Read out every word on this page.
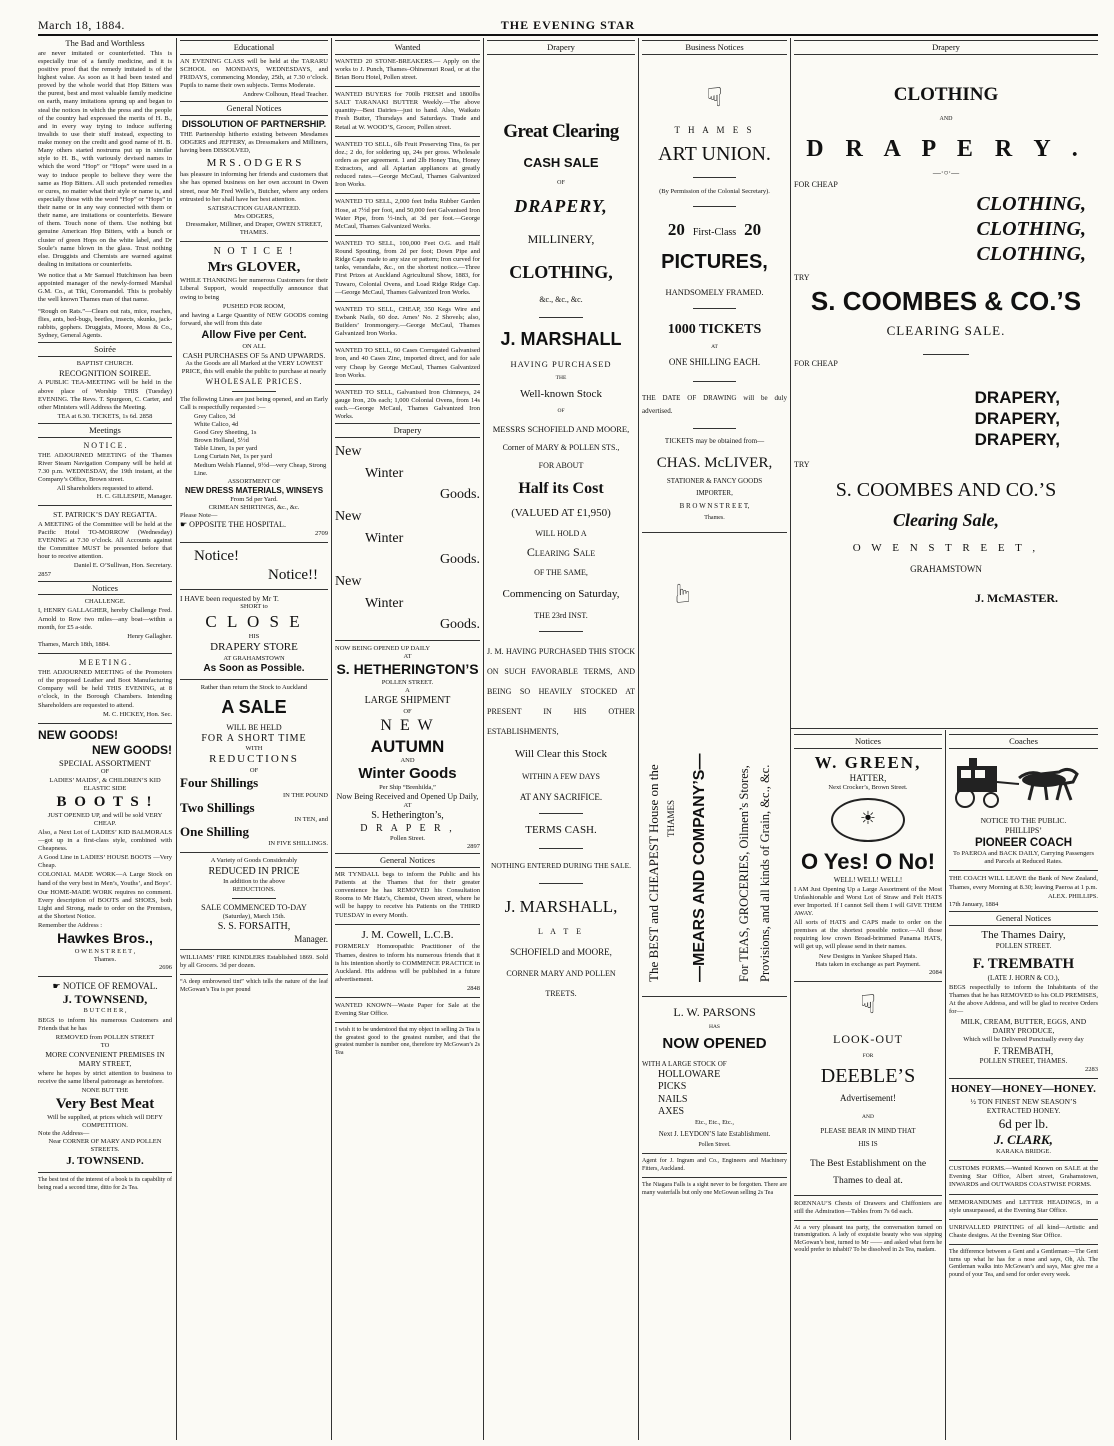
March 18, 1884.	THE EVENING STAR
The Bad and Worthless

are never imitated or counterfeited. This is especially true of a family medicine, and it is positive proof that the remedy imitated is of the highest value. As soon as it had been tested and proved by the whole world that Hop Bitters was the purest, best and most valuable family medicine on earth, many imitations sprung up and began to steal the notices in which the press and the people of the country had expressed the merits of H. B., and in every way trying to induce suffering invalids to use their stuff instead, expecting to make money on the credit and good name of H. B. Many others started nostrums put up in similar style to H. B., with variously devised names in which the word “Hop” or “Hops” were used in a way to induce people to believe they were the same as Hop Bitters. All such pretended remedies or cures, no matter what their style or name is, and especially those with the word “Hop” or “Hops” in their name or in any way connected with them or their name, are imitations or counterfeits. Beware of them. Touch none of them. Use nothing but genuine American Hop Bitters, with a bunch or cluster of green Hops on the white label, and Dr Soule’s name blown in the glass. Trust nothing else. Druggists and Chemists are warned against dealing in imitations or counterfeits.

We notice that a Mr Samuel Hutchinson has been appointed manager of the newly-formed Marshal G.M. Co., at Tiki, Coromandel. This is probably the well known Thames man of that name.

“Rough on Rats.”—Clears out rats, mice, roaches, flies, ants, bed-bugs, beetles, insects, skunks, jack-rabbits, gophers. Druggists, Moore, Moss & Co., Sydney, General Agents.

Soirée
BAPTIST CHURCH.
RECOGNITION SOIREE.

A PUBLIC TEA-MEETING will be held in the above place of Worship THIS (Tuesday) EVENING. The Revs. T. Spurgeon, C. Carter, and other Ministers will Address the Meeting.

TEA at 6.30. TICKETS, 1s 6d. 2858
Meetings
N O T I C E .

THE ADJOURNED MEETING of the Thames River Steam Navigation Company will be held at 7.30 p.m. WEDNESDAY, the 19th instant, at the Company’s Office, Brown street.

All Shareholders requested to attend.
H. C. GILLESPIE, Manager.
ST. PATRICK’S DAY REGATTA.

A MEETING of the Committee will be held at the Pacific Hotel TO-MORROW (Wednesday) EVENING at 7.30 o’clock. All Accounts against the Committee MUST be presented before that hour to receive attention.

Daniel E. O’Sullivan, Hon. Secretary.
2857
Notices
CHALLENGE.

I, HENRY GALLAGHER, hereby Challenge Fred. Arnold to Row two miles—any boat—within a month, for £5 a-side.

Henry Gallagher.
Thames, March 18th, 1884.
M E E T I N G .

THE ADJOURNED MEETING of the Promoters of the proposed Leather and Boot Manufacturing Company will be held THIS EVENING, at 8 o’clock, in the Borough Chambers. Intending Shareholders are requested to attend.

M. C. HICKEY, Hon. Sec.
NEW GOODS!
NEW GOODS!
SPECIAL ASSORTMENT
OF
LADIES’ MAIDS’, & CHILDREN’S KID ELASTIC SIDE
B O O T S !
JUST OPENED UP, and will be sold VERY CHEAP.

Also, a Next Lot of LADIES’ KID BALMORALS—got up in a first-class style, combined with Cheapness.

A Good Line in LADIES’ HOUSE BOOTS —Very Cheap.

COLONIAL MADE WORK—A Large Stock on hand of the very best in Men’s, Youths’, and Boys’.

Our HOME-MADE WORK requires no comment. Every description of BOOTS and SHOES, both Light and Strong, made to order on the Premises, at the Shortest Notice.

Remember the Address :
Hawkes Bros.,
O W E N S T R E E T ,
Thames.
2696
☛ NOTICE OF REMOVAL.
J. TOWNSEND,
B U T C H E R ,

BEGS to inform his numerous Customers and Friends that he has

REMOVED from POLLEN STREET
TO
MORE CONVENIENT PREMISES IN MARY STREET,

where he hopes by strict attention to business to receive the same liberal patronage as heretofore.

NONE BUT THE
Very Best Meat
Will be supplied, at prices which will DEFY COMPETITION.
Note the Address—
Near CORNER OF MARY AND POLLEN STREETS.
J. TOWNSEND.

The best test of the interest of a book is its capability of being read a second time, ditto for 2s Tea.

Educational

AN EVENING CLASS will be held at the TARARU SCHOOL on MONDAYS, WEDNESDAYS, and FRIDAYS, commencing Monday, 25th, at 7.30 o’clock. Pupils to name their own subjects. Terms Moderate.

Andrew Colhoun, Head Teacher.
General Notices
DISSOLUTION OF PARTNERSHIP.

THE Partnership hitherto existing between Mesdames ODGERS and JEFFERY, as Dressmakers and Milliners, having been DISSOLVED,

M R S . O D G E R S

has pleasure in informing her friends and customers that she has opened business on her own account in Owen street, near Mr Fred Welle’s, Butcher, where any orders entrusted to her shall have her best attention.

SATISFACTION GUARANTEED.
Mrs ODGERS,
Dressmaker, Milliner, and Draper, OWEN STREET, THAMES.
N O T I C E !
Mrs GLOVER,

WHILE THANKING her numerous Customers for their Liberal Support, would respectfully announce that owing to being

PUSHED FOR ROOM,

and having a Large Quantity of NEW GOODS coming forward, she will from this date

Allow Five per Cent.
ON ALL
CASH PURCHASES OF 5s AND UPWARDS.
As the Goods are all Marked at the VERY LOWEST PRICE, this will enable the public to purchase at nearly
WHOLESALE PRICES.

The following Lines are just being opened, and an Early Call is respectfully requested :—

Grey Calico, 3d
White Calico, 4d
Good Grey Sheeting, 1s
Brown Holland, 5½d
Table Linen, 1s per yard
Long Curtain Net, 1s per yard
Medium Welsh Flannel, 9½d—very Cheap, Strong Line.
ASSORTMENT OF
NEW DRESS MATERIALS, WINSEYS
From 5d per Yard.
CRIMEAN SHIRTINGS, &c., &c.
Please Note—
☛ OPPOSITE THE HOSPITAL.
2709
Notice!
Notice!!
I HAVE been requested by Mr T.
SHORT to
C L O S E
HIS
DRAPERY STORE
AT GRAHAMSTOWN
As Soon as Possible.
Rather than return the Stock to Auckland
A SALE
WILL BE HELD
FOR A SHORT TIME
WITH
REDUCTIONS
OF
Four Shillings
IN THE POUND
Two Shillings
IN TEN, and
One Shilling
IN FIVE SHILLINGS.
A Variety of Goods Considerably
REDUCED IN PRICE
In addition to the above
REDUCTIONS.
SALE COMMENCED TO-DAY
(Saturday), March 15th.
S. S. FORSAITH,
Manager.

WILLIAMS’ FIRE KINDLERS Established 1869. Sold by all Grocers. 3d per dozen.

“A deep embrowned tint” which tells the nature of the leaf McGowan’s Tea is per pound

Wanted

WANTED 20 STONE-BREAKERS.— Apply on the works to J. Punch, Thames–Ohinemuri Road, or at the Brian Boru Hotel, Pollen street.

WANTED BUYERS for 700lb FRESH and 1800lbs SALT TARANAKI BUTTER Weekly.—The above quantity—Best Dairies—just to hand. Also, Waikato Fresh Butter, Thursdays and Saturdays. Trade and Retail at W. WOOD’S, Grocer, Pollen street.

WANTED TO SELL, 6lb Fruit Preserving Tins, 6s per doz.; 2 do, for soldering up, 24s per gross. Wholesale orders as per agreement. 1 and 2lb Honey Tins, Honey Extractors, and all Apiarian appliances at greatly reduced rates.—George McCaul, Thames Galvanized Iron Works.

WANTED TO SELL, 2,000 feet India Rubber Garden Hose, at 7½d per foot, and 50,000 feet Galvanised Iron Water Pipe, from ½-inch, at 3d per foot.—George McCaul, Thames Galvanized Works.

WANTED TO SELL, 100,000 Feet O.G. and Half Round Spouting, from 2d per foot; Down Pipe and Ridge Caps made to any size or pattern; Iron curved for tanks, verandahs, &c., on the shortest notice.—Three First Prizes at Auckland Agricultural Show, 1883, for Tuwaro, Colonial Ovens, and Load Ridge Ridge Cap.—George McCaul, Thames Galvanized Iron Works.

WANTED TO SELL, CHEAP, 350 Kegs Wire and Ewbank Nails, 60 doz. Ames’ No. 2 Shovels; also, Builders’ Ironmongery.—George McCaul, Thames Galvanized Iron Works.

WANTED TO SELL, 60 Cases Corrugated Galvanised Iron, and 40 Cases Zinc, imported direct, and for sale very Cheap by George McCaul, Thames Galvanized Iron Works.

WANTED TO SELL, Galvanised Iron Chimneys, 24 gauge Iron, 20s each; 1,000 Colonial Ovens, from 14s each.—George McCaul, Thames Galvanized Iron Works.

Drapery
New
Winter
Goods.
New
Winter
Goods.
New
Winter
Goods.
NOW BEING OPENED UP DAILY
AT
S. HETHERINGTON’S
POLLEN STREET.
A
LARGE SHIPMENT
OF
N E W
AUTUMN
AND
Winter Goods
Per Ship “Brenhilda,”
Now Being Received and Opened Up Daily,
AT
S. Hetherington’s,
D R A P E R ,
Pollen Street.
2897
General Notices

MR TYNDALL begs to inform the Public and his Patients at the Thames that for their greater convenience he has REMOVED his Consultation Rooms to Mr Hatz’s, Chemist, Owen street, where he will be happy to receive his Patients on the THIRD TUESDAY in every Month.

J. M. Cowell, L.C.B.

FORMERLY Homœopathic Practitioner of the Thames, desires to inform his numerous friends that it is his intention shortly to COMMENCE PRACTICE in Auckland. His address will be published in a future advertisement.

2848

WANTED KNOWN—Waste Paper for Sale at the Evening Star Office.

I wish it to be understood that my object in selling 2s Tea is the greatest good to the greatest number, and that the greatest number is number one, therefore try McGowan’s 2s Tea

Drapery
Great Clearing
CASH SALE
OF
DRAPERY,
MILLINERY,
CLOTHING,
&c., &c., &c.
J. MARSHALL
HAVING PURCHASED
THE
Well-known Stock
OF
MESSRS SCHOFIELD AND MOORE,
Corner of MARY & POLLEN STS.,
FOR ABOUT
Half its Cost
(VALUED AT £1,950)
WILL HOLD A
Clearing Sale
OF THE SAME,
Commencing on Saturday,
THE 23rd INST.

J. M. HAVING PURCHASED THIS STOCK ON SUCH FAVORABLE TERMS, AND BEING SO HEAVILY STOCKED AT PRESENT IN HIS OTHER ESTABLISHMENTS,

Will Clear this Stock
WITHIN A FEW DAYS
AT ANY SACRIFICE.
TERMS CASH.
NOTHING ENTERED DURING THE SALE.
J. MARSHALL,
L A T E
SCHOFIELD and MOORE,
CORNER MARY AND POLLEN
TREETS.
Business Notices
☟
T H A M E S
ART UNION.
(By Permission of the Colonial Secretary).
20 First-Class 20
PICTURES,
HANDSOMELY FRAMED.
1000 TICKETS
AT
ONE SHILLING EACH.

THE DATE OF DRAWING will be duly advertised.

TICKETS may be obtained from—
CHAS. McLIVER,
STATIONER & FANCY GOODS
IMPORTER,
B R O W N S T R E E T,
Thames.
The BEST and CHEAPEST House on the THAMES —MEARS AND COMPANY’S— For TEAS, GROCERIES, Oilmen’s Stores, Provisions, and all kinds of Grain, &c., &c.
☞
L. W. PARSONS
HAS
NOW OPENED
WITH A LARGE STOCK OF
HOLLOWARE
PICKS
NAILS
AXES
Etc., Etc., Etc.,
Next J. LEYDON’S late Establishment.
Pollen Street.

Agent for J. Ingram and Co., Engineers and Machinery Fitters, Auckland.

The Niagara Falls is a sight never to be forgotten. There are many waterfalls but only one McGowan selling 2s Tea

Drapery
CLOTHING
AND
D R A P E R Y .
—·○·—
FOR CHEAP
CLOTHING,
CLOTHING,
CLOTHING,
TRY
S. COOMBES & CO.’S
CLEARING SALE.
FOR CHEAP
DRAPERY,
DRAPERY,
DRAPERY,
TRY
S. COOMBES AND CO.’S
Clearing Sale,
O W E N S T R E E T ,
GRAHAMSTOWN
J. McMASTER.
Notices
W. GREEN,
HATTER,
Next Crocker’s, Brown Street.
☀
O Yes! O No!
WELL! WELL! WELL!

I AM Just Opening Up a Large Assortment of the Most Unfashionable and Worst Lot of Straw and Felt HATS ever Imported. If I cannot Sell them I will GIVE THEM AWAY.

All sorts of HATS and CAPS made to order on the premises at the shortest possible notice.—All those requiring low crown Broad-brimmed Panama HATS, will get up, will please send in their names.

New Designs in Yankee Shaped Hats.
Hats taken in exchange as part Payment.
2084
☟
LOOK-OUT
FOR
DEEBLE’S
Advertisement!
AND
PLEASE BEAR IN MIND THAT
HIS IS
The Best Establishment on the Thames to deal at.

ROENNAU’S Chests of Drawers and Chiffoniers are still the Admiration—Tables from 7s 6d each.

At a very pleasant tea party, the conversation turned on transmigration. A lady of exquisite beauty who was sipping McGowan’s best, turned to Mr —— and asked what form he would prefer to inhabit? To be dissolved in 2s Tea, madam.

Coaches
NOTICE TO THE PUBLIC.
PHILLIPS’
PIONEER COACH
To PAEROA and BACK DAILY, Carrying Passengers and Parcels at Reduced Rates.

THE COACH WILL LEAVE the Bank of New Zealand, Thames, every Morning at 8.30; leaving Paeroa at 1 p.m.

ALEX. PHILLIPS.
17th January, 1884
General Notices
The Thames Dairy,
POLLEN STREET.
F. TREMBATH
(LATE J. HORN & CO.),

BEGS respectfully to inform the Inhabitants of the Thames that he has REMOVED to his OLD PREMISES, At the above Address, and will be glad to receive Orders for—

MILK, CREAM, BUTTER, EGGS, AND DAIRY PRODUCE,
Which will be Delivered Punctually every day
F. TREMBATH,
POLLEN STREET, THAMES.
2283
HONEY—HONEY—HONEY.
½ TON FINEST NEW SEASON’S EXTRACTED HONEY.
6d per lb.
J. CLARK,
KARAKA BRIDGE.

CUSTOMS FORMS.—Wanted Known on SALE at the Evening Star Office, Albert street, Grahamstown, INWARDS and OUTWARDS COASTWISE FORMS.

MEMORANDUMS and LETTER HEADINGS, in a style unsurpassed, at the Evening Star Office.

UNRIVALLED PRINTING of all kind—Artistic and Chaste designs. At the Evening Star Office.

The difference between a Gent and a Gentleman:—The Gent turns up what he has for a nose and says, Oh, Ah. The Gentleman walks into McGowan’s and says, Mac give me a pound of your Tea, and send for order every week.
